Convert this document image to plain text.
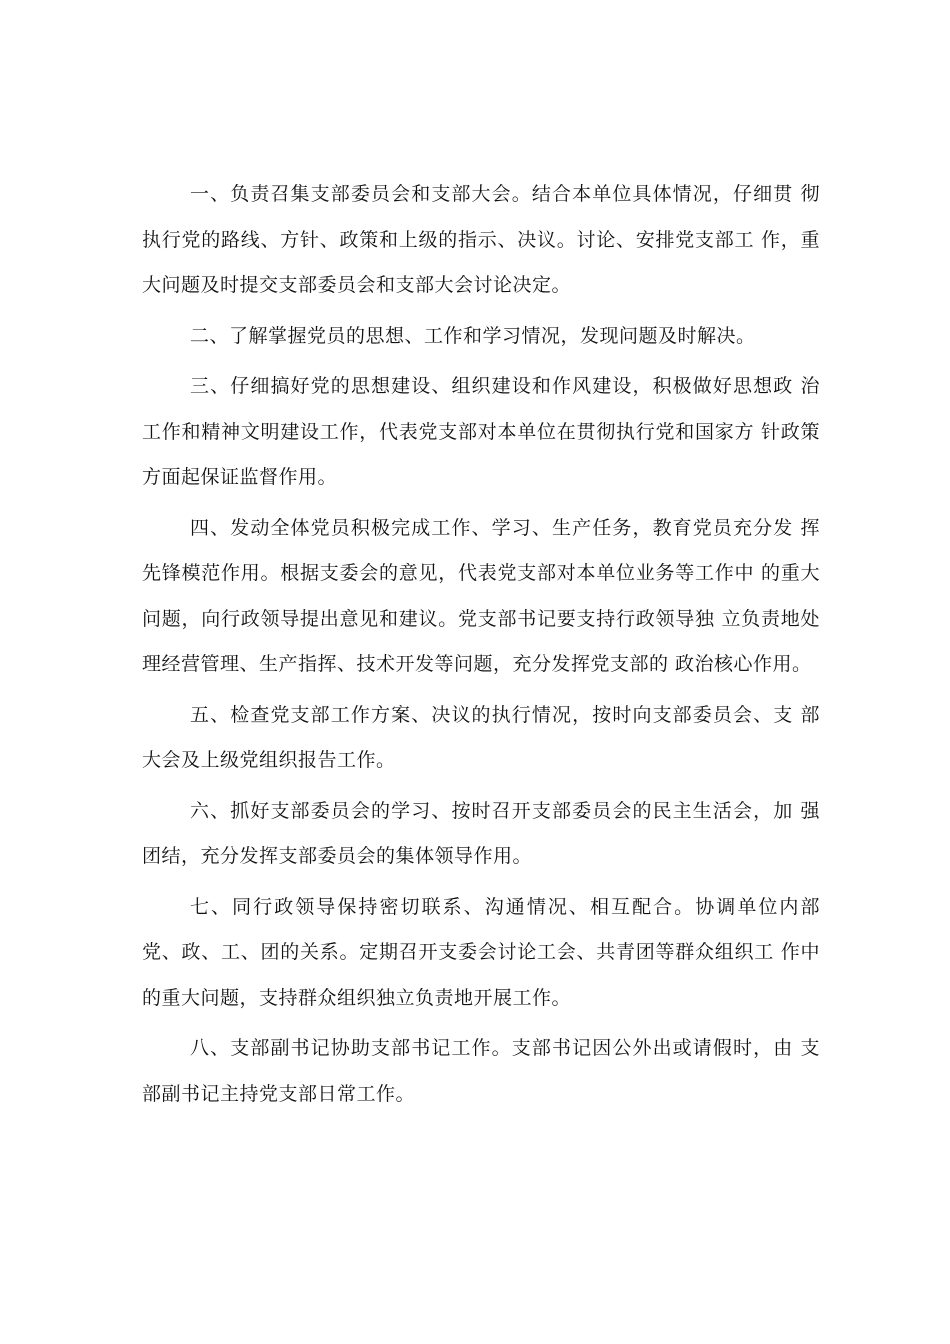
一、负责召集支部委员会和支部大会。结合本单位具体情况，仔细贯 彻执行党的路线、方针、政策和上级的指示、决议。讨论、安排党支部工 作，重大问题及时提交支部委员会和支部大会讨论决定。

二、了解掌握党员的思想、工作和学习情况，发现问题及时解决。

三、仔细搞好党的思想建设、组织建设和作风建设，积极做好思想政 治工作和精神文明建设工作，代表党支部对本单位在贯彻执行党和国家方 针政策方面起保证监督作用。

四、发动全体党员积极完成工作、学习、生产任务，教育党员充分发 挥先锋模范作用。根据支委会的意见，代表党支部对本单位业务等工作中 的重大问题，向行政领导提出意见和建议。党支部书记要支持行政领导独 立负责地处理经营管理、生产指挥、技术开发等问题，充分发挥党支部的 政治核心作用。

五、检查党支部工作方案、决议的执行情况，按时向支部委员会、支 部大会及上级党组织报告工作。

六、抓好支部委员会的学习、按时召开支部委员会的民主生活会，加 强团结，充分发挥支部委员会的集体领导作用。

七、同行政领导保持密切联系、沟通情况、相互配合。协调单位内部 党、政、工、团的关系。定期召开支委会讨论工会、共青团等群众组织工 作中的重大问题，支持群众组织独立负责地开展工作。

八、支部副书记协助支部书记工作。支部书记因公外出或请假时，由 支部副书记主持党支部日常工作。
